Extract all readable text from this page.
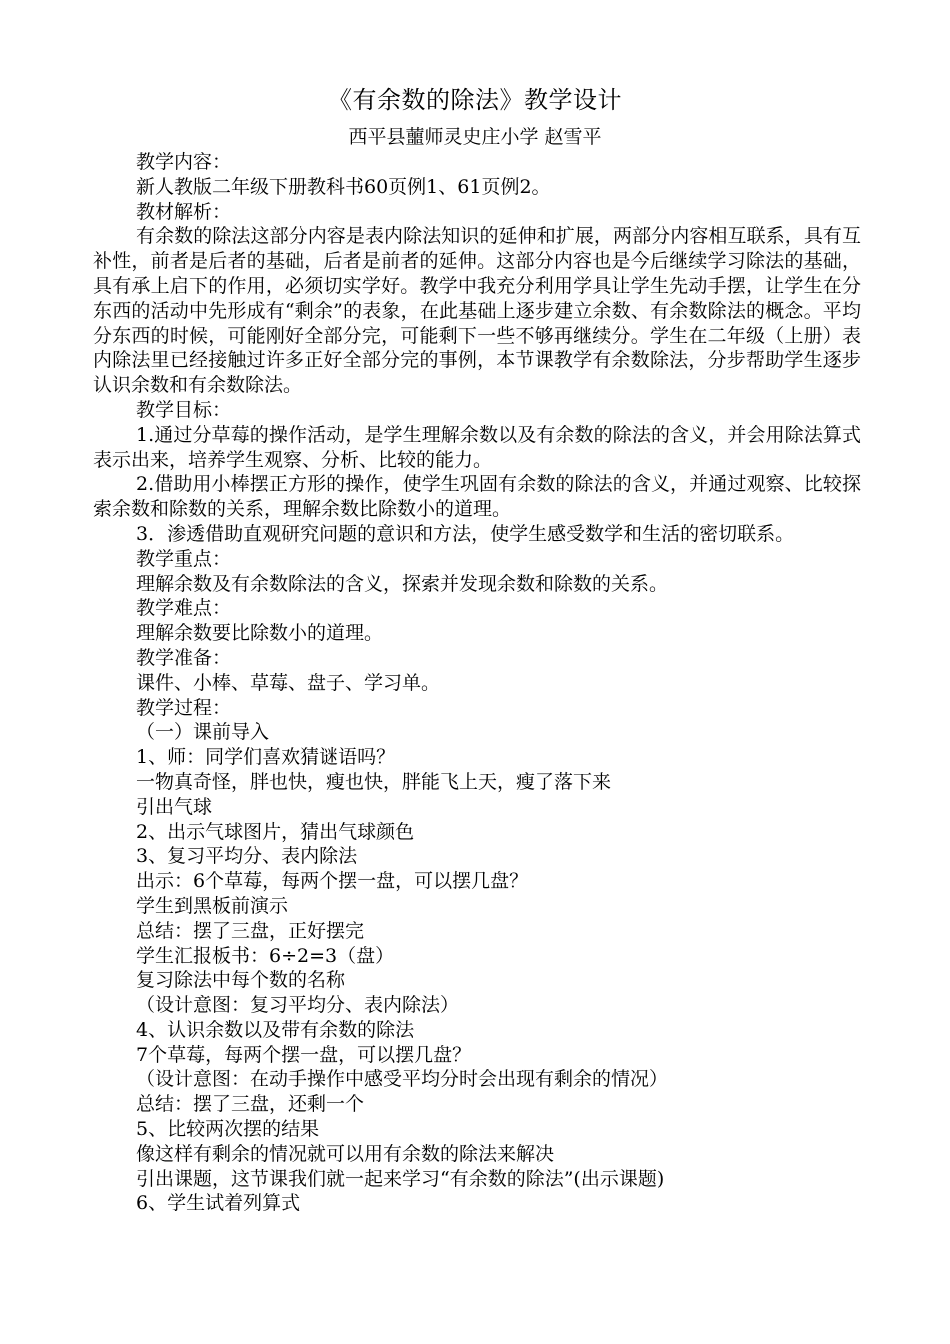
《有余数的除法》教学设计
西平县蘁师灵史庄小学 赵雪平

教学内容：

新人教版二年级下册教科书60页例1、61页例2。

教材解析：

有余数的除法这部分内容是表内除法知识的延伸和扩展，两部分内容相互联系，具有互补性，前者是后者的基础，后者是前者的延伸。这部分内容也是今后继续学习除法的基础，具有承上启下的作用，必须切实学好。教学中我充分利用学具让学生先动手摆，让学生在分东西的活动中先形成有“剩余”的表象，在此基础上逐步建立余数、有余数除法的概念。平均分东西的时候，可能刚好全部分完，可能剩下一些不够再继续分。学生在二年级（上册）表内除法里已经接触过许多正好全部分完的事例，本节课教学有余数除法，分步帮助学生逐步认识余数和有余数除法。

教学目标：

1.通过分草莓的操作活动，是学生理解余数以及有余数的除法的含义，并会用除法算式表示出来，培养学生观察、分析、比较的能力。

2.借助用小棒摆正方形的操作，使学生巩固有余数的除法的含义，并通过观察、比较探索余数和除数的关系，理解余数比除数小的道理。

3．渗透借助直观研究问题的意识和方法，使学生感受数学和生活的密切联系。

教学重点：

理解余数及有余数除法的含义，探索并发现余数和除数的关系。

教学难点：

理解余数要比除数小的道理。

教学准备：

课件、小棒、草莓、盘子、学习单。

教学过程：

（一）课前导入

1、师：同学们喜欢猜谜语吗？

一物真奇怪，胖也快，瘦也快，胖能飞上天，瘦了落下来

引出气球

2、出示气球图片，猜出气球颜色

3、复习平均分、表内除法

出示：6个草莓，每两个摆一盘，可以摆几盘？

学生到黑板前演示

总结：摆了三盘，正好摆完

学生汇报板书：6÷2=3（盘）

复习除法中每个数的名称

（设计意图：复习平均分、表内除法）

4、认识余数以及带有余数的除法

7个草莓，每两个摆一盘，可以摆几盘？

（设计意图：在动手操作中感受平均分时会出现有剩余的情况）

总结：摆了三盘，还剩一个

5、比较两次摆的结果

像这样有剩余的情况就可以用有余数的除法来解决

引出课题，这节课我们就一起来学习“有余数的除法”(出示课题)

6、学生试着列算式
